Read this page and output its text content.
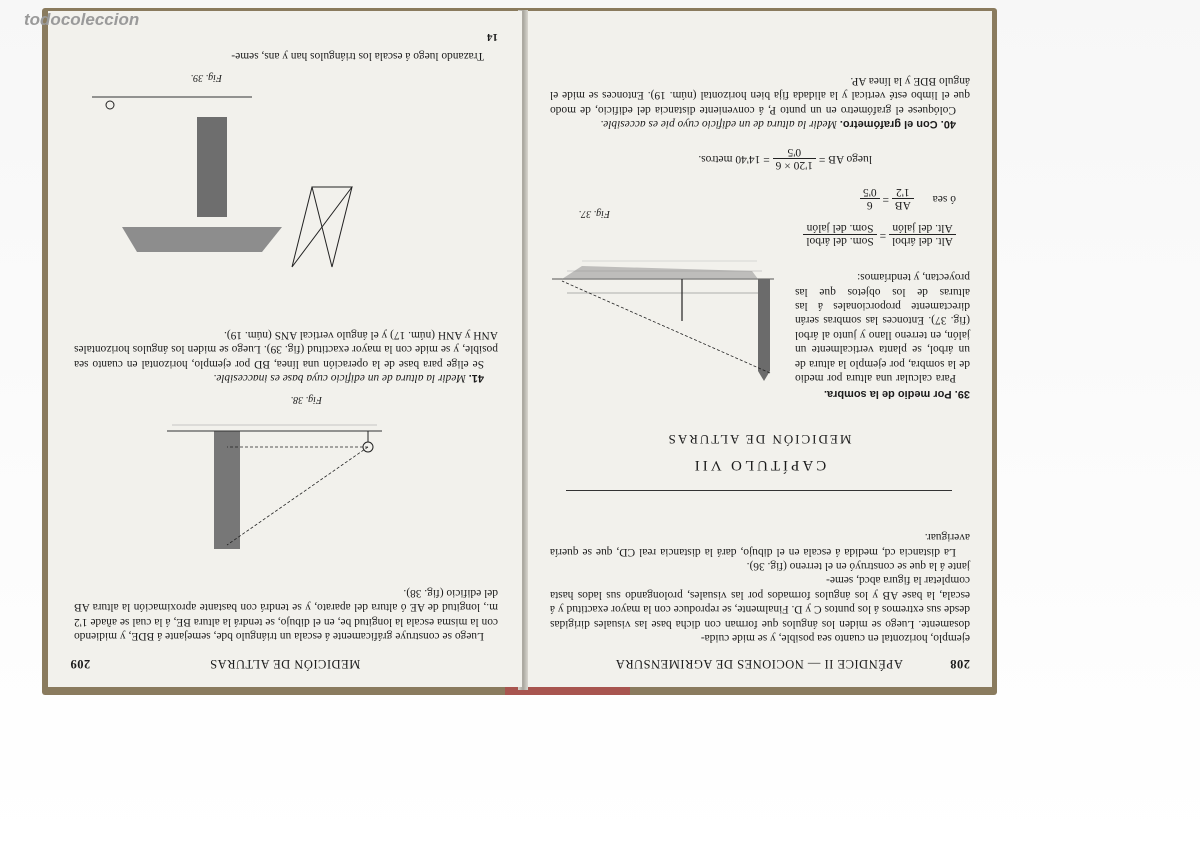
208
APÉNDICE II — NOCIONES DE AGRIMENSURA

ejemplo, horizontal en cuanto sea posible, y se mide cuida-

dosamente. Luego se miden los ángulos que forman con dicha base las visuales dirigidas desde sus extremos á los puntos C y D. Finalmente, se reproduce con la mayor exactitud y á escala, la base AB y los ángulos formados por las visuales, prolongando sus lados hasta completar la figura abcd, seme-

jante á la que se construyó en el terreno (fig. 36).

La distancia cd, medida á escala en el dibujo, dará la distancia real CD, que se quería averiguar.

CAPÍTULO VII
MEDICIÓN DE ALTURAS
39. Por medio de la sombra.

Para calcular una altura por medio de la sombra, por ejemplo la altura de un árbol, se planta verticalmente un jalón, en terreno llano y junto al árbol (fig. 37). Entonces las sombras serán directamente proporcionales á las alturas de los objetos que las proyectan, y tendríamos:

Fig. 37.
Alt. del árbol
Alt. del jalón
=
Som. del árbol
Som. del jalón
ó sea
AB
1'2
=
6
0'5
luego AB =
1'20 × 6
0'5
= 14'40 metros.

40. Con el grafómetro. Medir la altura de un edificio cuyo pie es accesible.

Colóquese el grafómetro en un punto P, á conveniente distancia del edificio, de modo que el limbo esté vertical y la alidada fija bien horizontal (núm. 19). Entonces se mide el ángulo BDE y la línea AP.

MEDICIÓN DE ALTURAS
209

Luego se construye gráficamente á escala un triángulo bde, semejante á BDE, y midiendo con la misma escala la longitud be, en el dibujo, se tendrá la altura BE, á la cual se añade 1'2 m., longitud de AE ó altura del aparato, y se tendrá con bastante aproximación la altura AB del edificio (fig. 38).

Fig. 38.

41. Medir la altura de un edificio cuya base es inaccesible.

Se elige para base de la operación una línea, BD por ejemplo, horizontal en cuanto sea posible, y se mide con la mayor exactitud (fig. 39). Luego se miden los ángulos horizontales ANH y ANH (núm. 17) y el ángulo vertical ANS (núm. 19).

Fig. 39.

Trazando luego á escala los triángulos han y ans, seme-

14
todocoleccion
